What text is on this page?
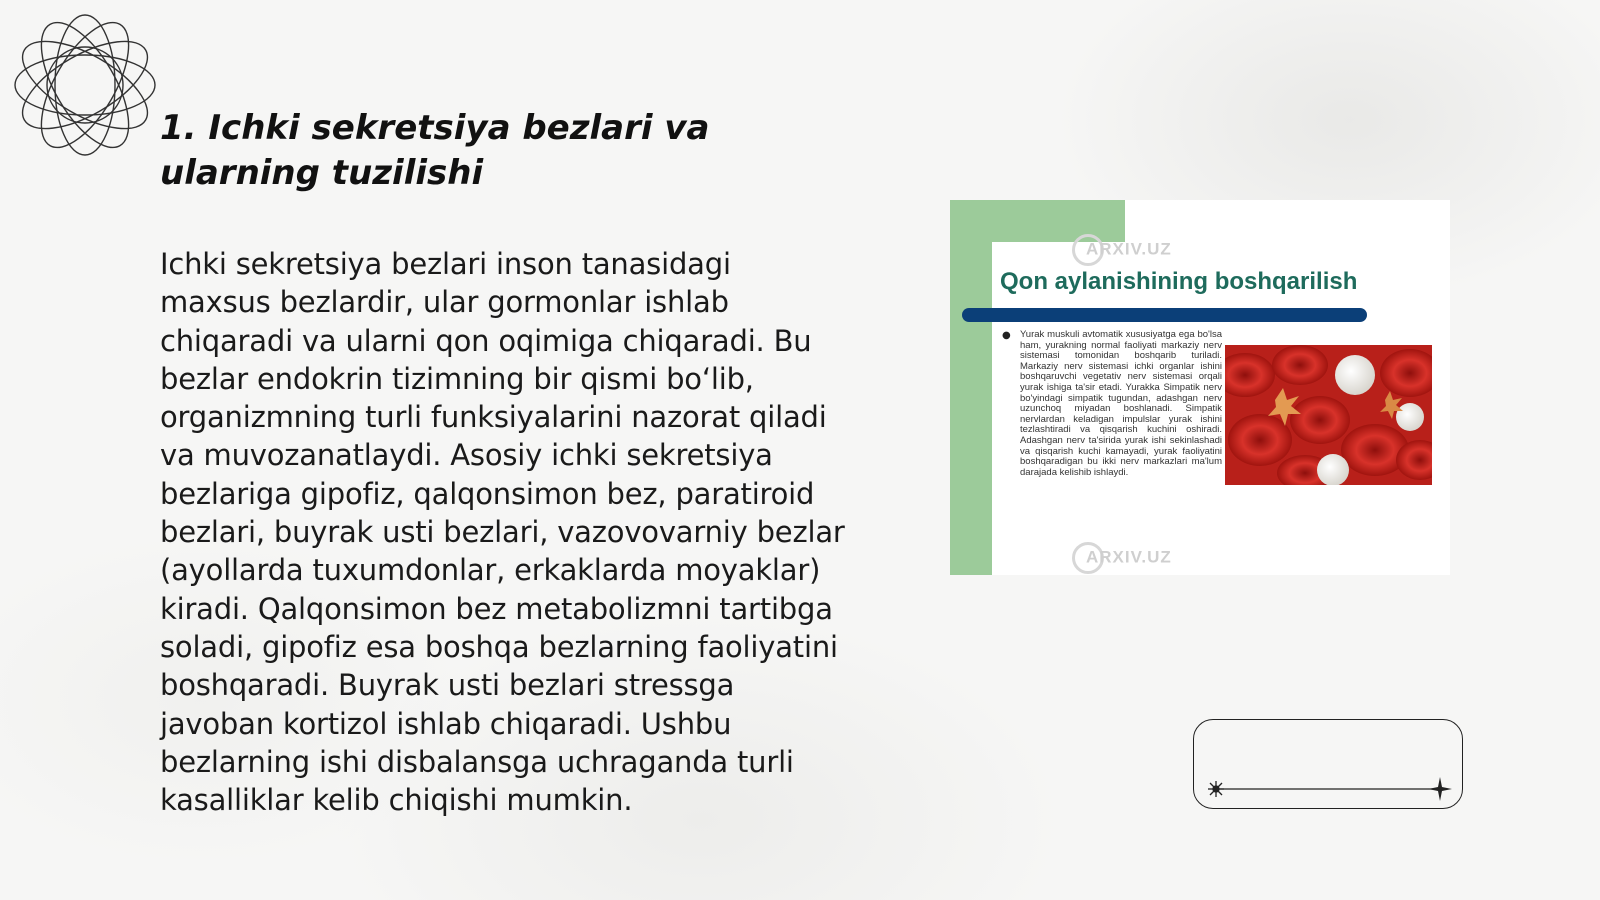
1. Ichki sekretsiya bezlari va ularning tuzilishi

Ichki sekretsiya bezlari inson tanasidagi maxsus bezlardir, ular gormonlar ishlab chiqaradi va ularni qon oqimiga chiqaradi. Bu bezlar endokrin tizimning bir qismi bo‘lib, organizmning turli funksiyalarini nazorat qiladi va muvozanatlaydi. Asosiy ichki sekretsiya bezlariga gipofiz, qalqonsimon bez, paratiroid bezlari, buyrak usti bezlari, vazovovarniy bezlar (ayollarda tuxumdonlar, erkaklarda moyaklar) kiradi. Qalqonsimon bez metabolizmni tartibga soladi, gipofiz esa boshqa bezlarning faoliyatini boshqaradi. Buyrak usti bezlari stressga javoban kortizol ishlab chiqaradi. Ushbu bezlarning ishi disbalansga uchraganda turli kasalliklar kelib chiqishi mumkin.

ARXIV.UZ
Qon aylanishining boshqarilish
● Yurak muskuli avtomatik xususiyatga ega bo'lsa ham, yurakning normal faoliyati markaziy nerv sistemasi tomonidan boshqarib turiladi. Markaziy nerv sistemasi ichki organlar ishini boshqaruvchi vegetativ nerv sistemasi orqali yurak ishiga ta'sir etadi. Yurakka Simpatik nerv bo'yindagi simpatik tugundan, adashgan nerv uzunchoq miyadan boshlanadi. Simpatik nervlardan keladigan impulslar yurak ishini tezlashtiradi va qisqarish kuchini oshiradi. Adashgan nerv ta'sirida yurak ishi sekinlashadi va qisqarish kuchi kamayadi, yurak faoliyatini boshqaradigan bu ikki nerv markazlari ma'lum darajada kelishib ishlaydi.
ARXIV.UZ
